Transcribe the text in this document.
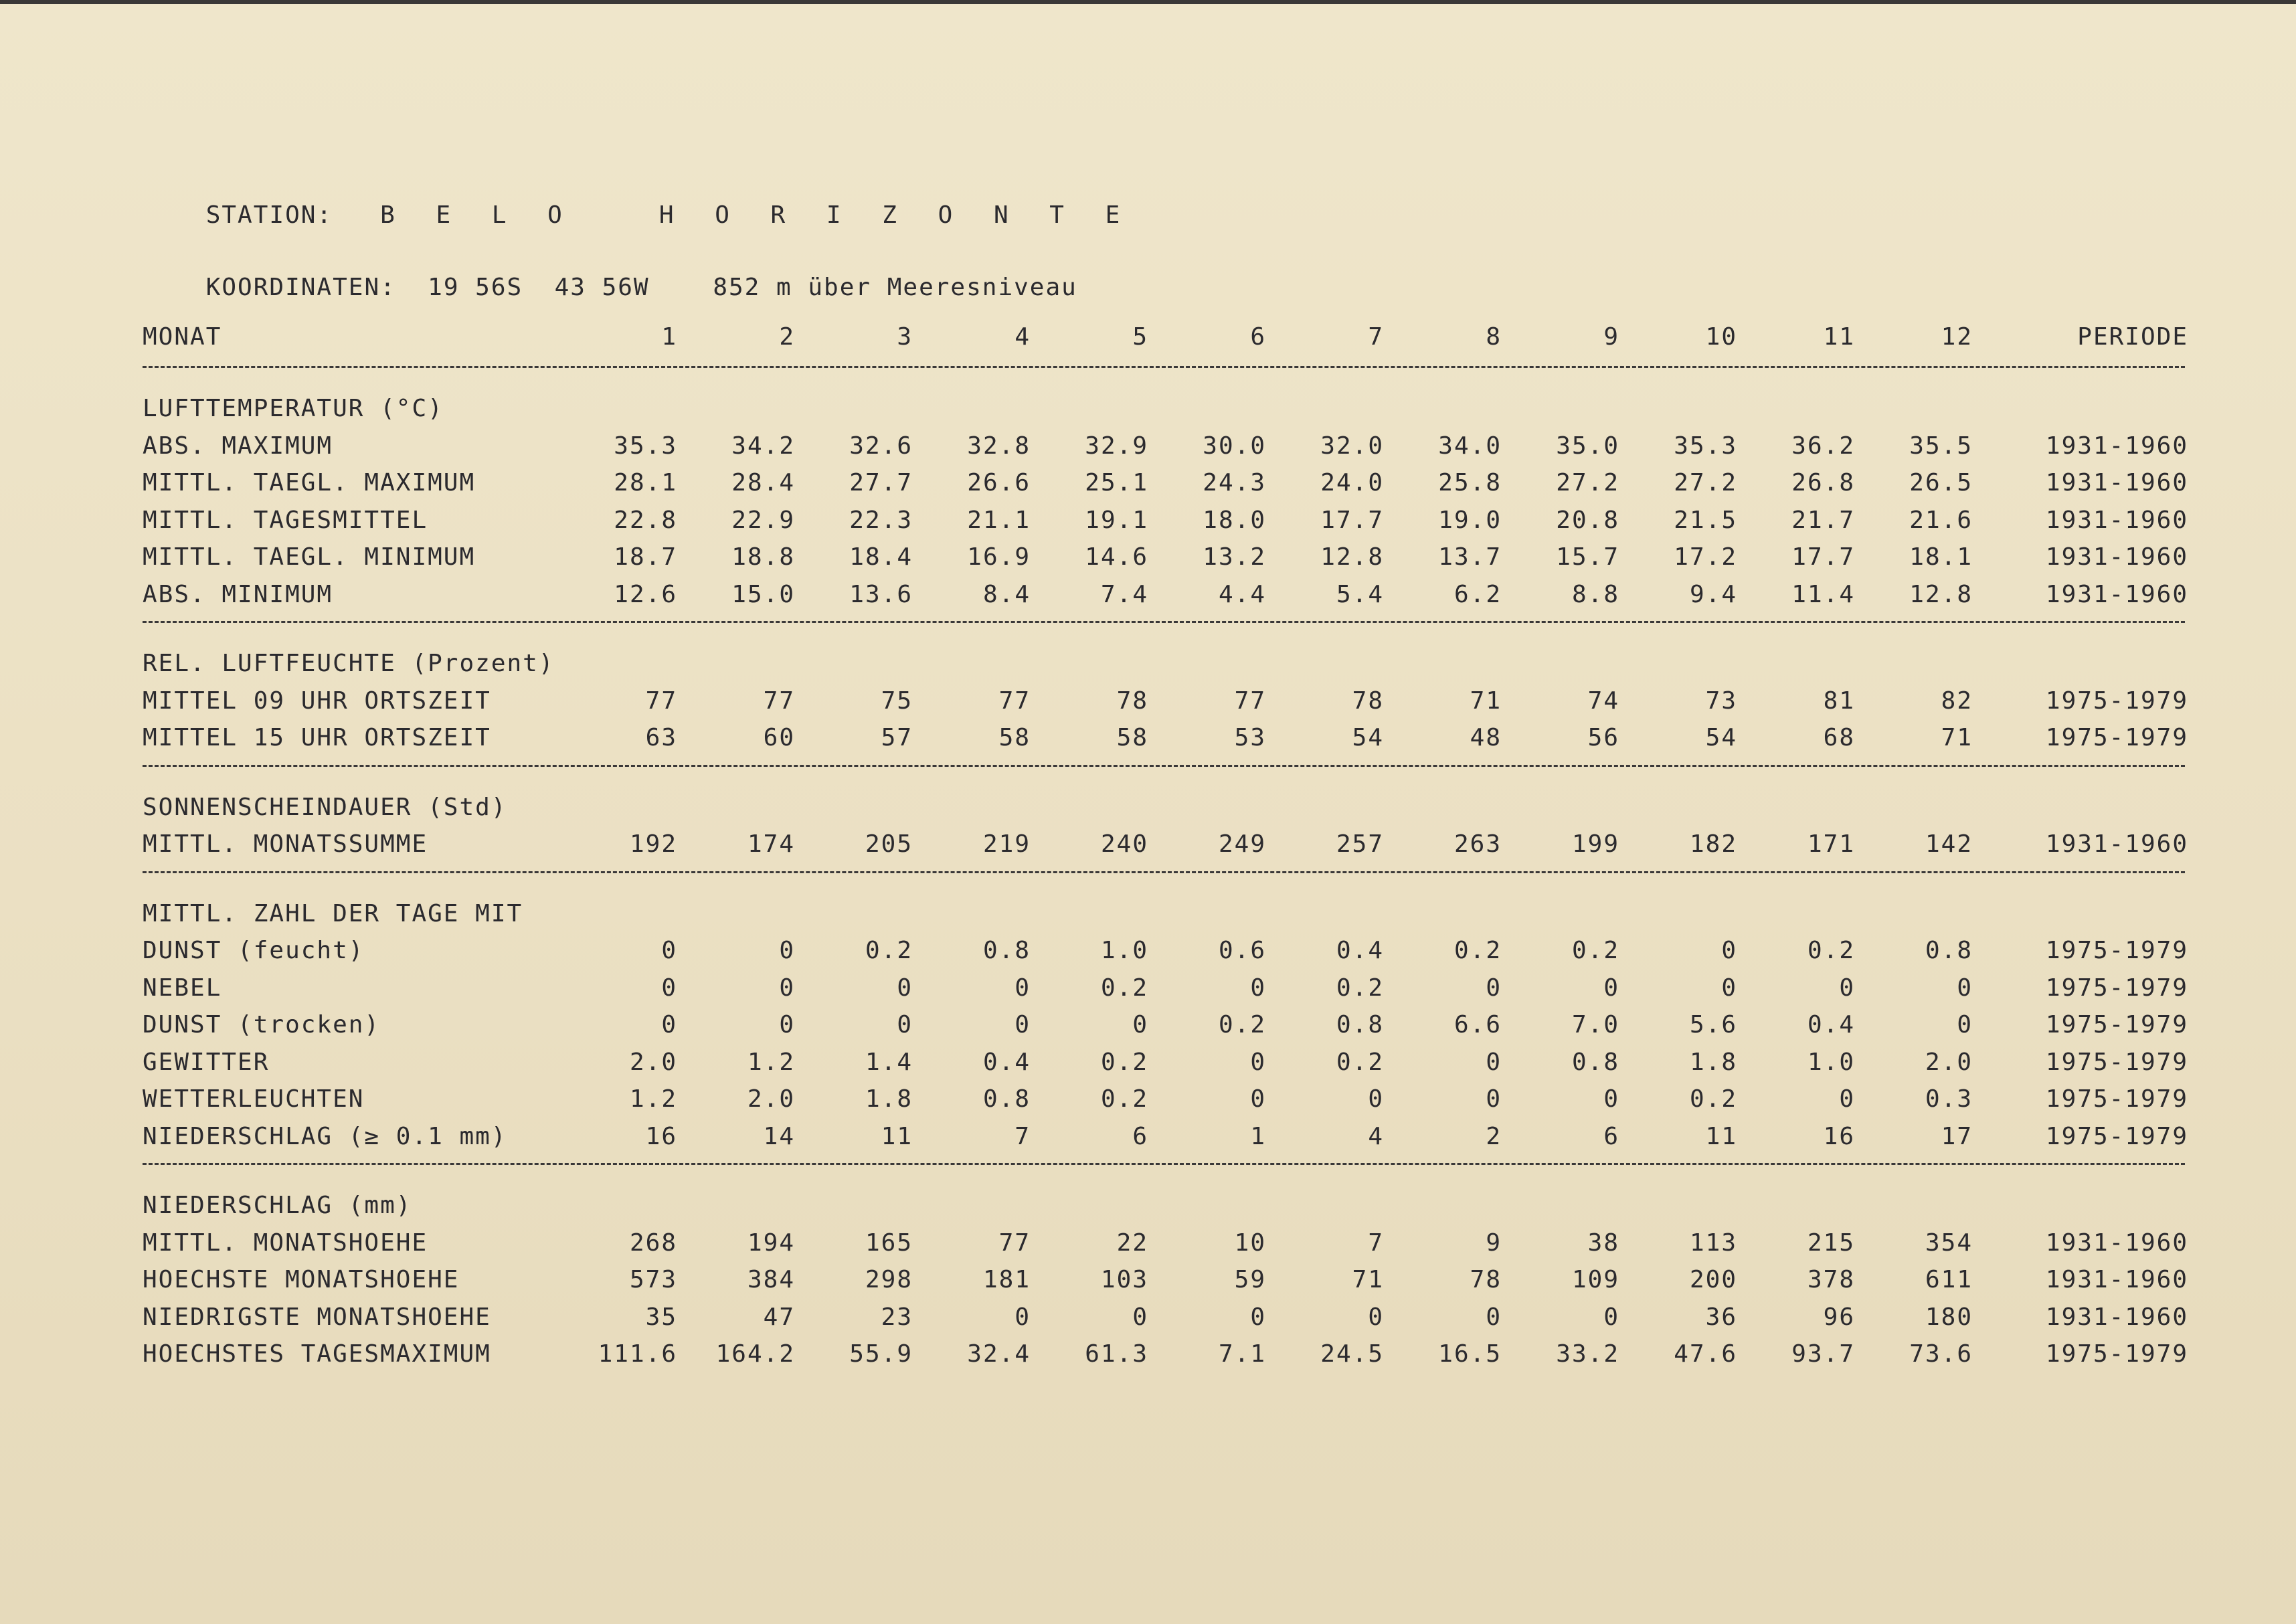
STATION: B E L O   H O R I Z O N T E

KOORDINATEN: 19 56S 43 56W	852 m über Meeresniveau

MONAT	1	2	3	4	5	6	7	8	9	10	11	12	PERIODE
LUFTTEMPERATUR (°C)
ABS. MAXIMUM	35.3	34.2	32.6	32.8	32.9	30.0	32.0	34.0	35.0	35.3	36.2	35.5	1931-1960
MITTL. TAEGL. MAXIMUM	28.1	28.4	27.7	26.6	25.1	24.3	24.0	25.8	27.2	27.2	26.8	26.5	1931-1960
MITTL. TAGESMITTEL	22.8	22.9	22.3	21.1	19.1	18.0	17.7	19.0	20.8	21.5	21.7	21.6	1931-1960
MITTL. TAEGL. MINIMUM	18.7	18.8	18.4	16.9	14.6	13.2	12.8	13.7	15.7	17.2	17.7	18.1	1931-1960
ABS. MINIMUM	12.6	15.0	13.6	8.4	7.4	4.4	5.4	6.2	8.8	9.4	11.4	12.8	1931-1960
REL. LUFTFEUCHTE (Prozent)
MITTEL 09 UHR ORTSZEIT	77	77	75	77	78	77	78	71	74	73	81	82	1975-1979
MITTEL 15 UHR ORTSZEIT	63	60	57	58	58	53	54	48	56	54	68	71	1975-1979
SONNENSCHEINDAUER (Std)
MITTL. MONATSSUMME	192	174	205	219	240	249	257	263	199	182	171	142	1931-1960
MITTL. ZAHL DER TAGE MIT
DUNST (feucht)	0	0	0.2	0.8	1.0	0.6	0.4	0.2	0.2	0	0.2	0.8	1975-1979
NEBEL	0	0	0	0	0.2	0	0.2	0	0	0	0	0	1975-1979
DUNST (trocken)	0	0	0	0	0	0.2	0.8	6.6	7.0	5.6	0.4	0	1975-1979
GEWITTER	2.0	1.2	1.4	0.4	0.2	0	0.2	0	0.8	1.8	1.0	2.0	1975-1979
WETTERLEUCHTEN	1.2	2.0	1.8	0.8	0.2	0	0	0	0	0.2	0	0.3	1975-1979
NIEDERSCHLAG (≥ 0.1 mm)	16	14	11	7	6	1	4	2	6	11	16	17	1975-1979
NIEDERSCHLAG (mm)
MITTL. MONATSHOEHE	268	194	165	77	22	10	7	9	38	113	215	354	1931-1960
HOECHSTE MONATSHOEHE	573	384	298	181	103	59	71	78	109	200	378	611	1931-1960
NIEDRIGSTE MONATSHOEHE	35	47	23	0	0	0	0	0	0	36	96	180	1931-1960
HOECHSTES TAGESMAXIMUM	111.6	164.2	55.9	32.4	61.3	7.1	24.5	16.5	33.2	47.6	93.7	73.6	1975-1979
